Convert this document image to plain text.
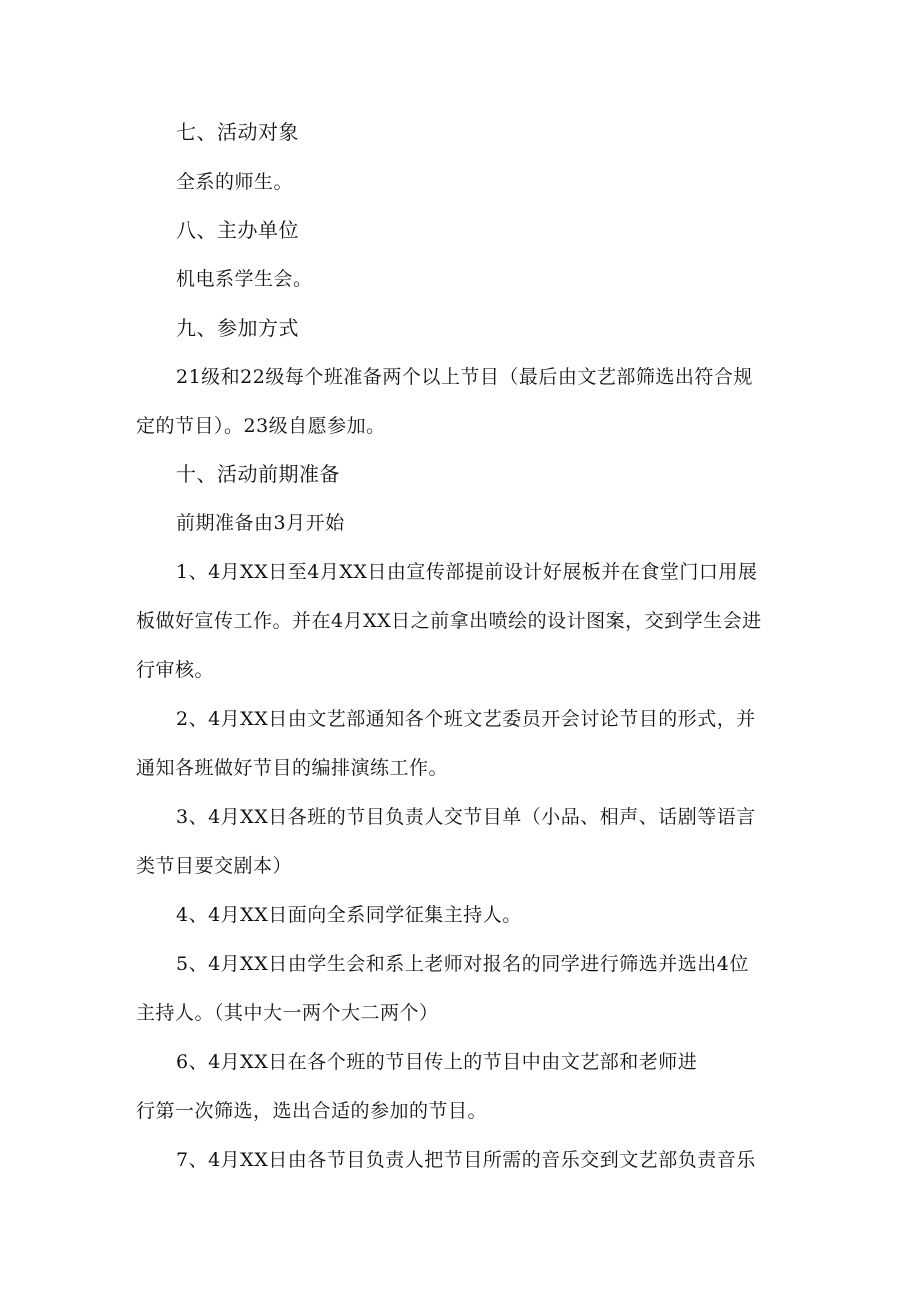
七、活动对象

全系的师生。

八、主办单位

机电系学生会。

九、参加方式

21级和22级每个班准备两个以上节目（最后由文艺部筛选出符合规

定的节目）。23级自愿参加。

十、活动前期准备

前期准备由3月开始

1、4月XX日至4月XX日由宣传部提前设计好展板并在食堂门口用展

板做好宣传工作。并在4月XX日之前拿出喷绘的设计图案，交到学生会进

行审核。

2、4月XX日由文艺部通知各个班文艺委员开会讨论节目的形式，并

通知各班做好节目的编排演练工作。

3、4月XX日各班的节目负责人交节目单（小品、相声、话剧等语言

类节目要交剧本）

4、4月XX日面向全系同学征集主持人。

5、4月XX日由学生会和系上老师对报名的同学进行筛选并选出4位

主持人。（其中大一两个大二两个）

6、4月XX日在各个班的节目传上的节目中由文艺部和老师进

行第一次筛选，选出合适的参加的节目。

7、4月XX日由各节目负责人把节目所需的音乐交到文艺部负责音乐
